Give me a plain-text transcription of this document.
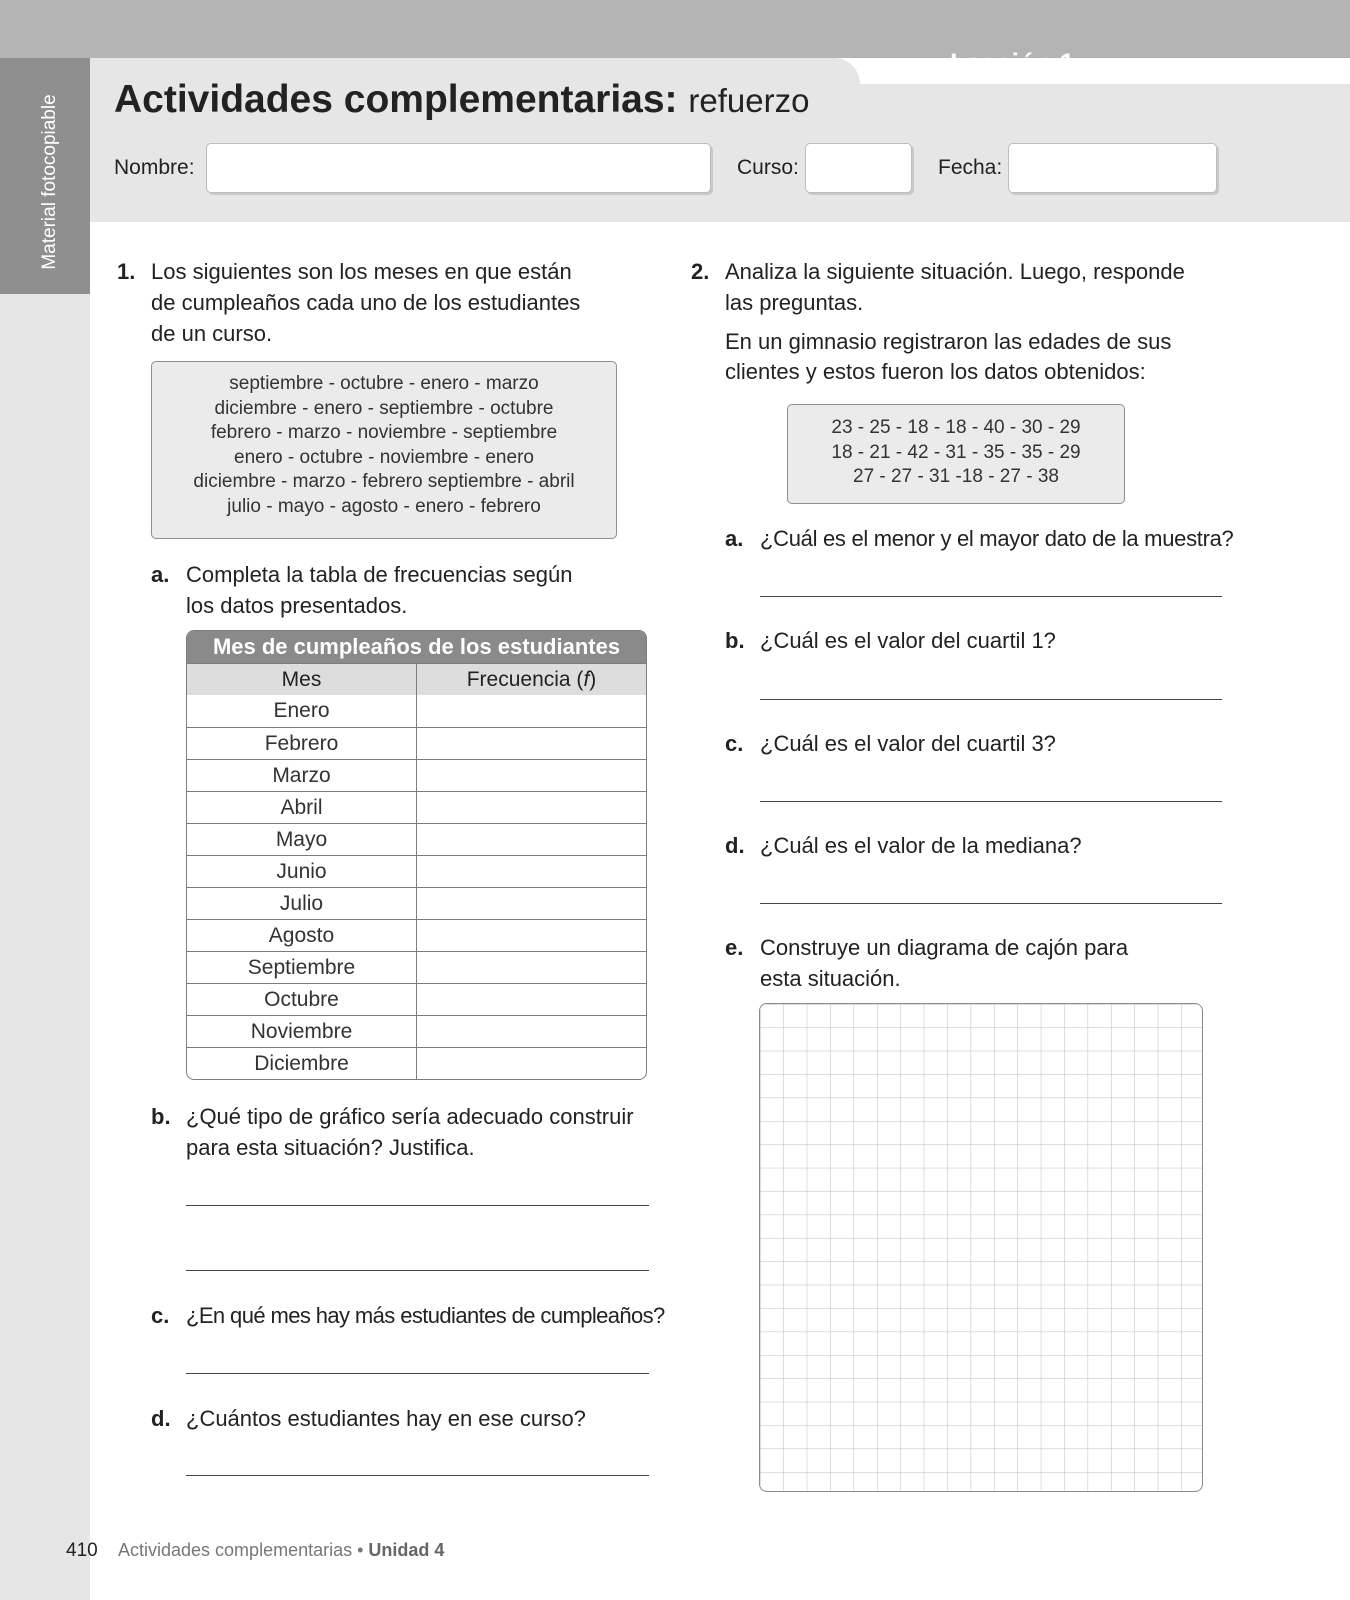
Material fotocopiable
Lección 1
Actividades complementarias: refuerzo
Nombre:	Curso:	Fecha:
1. Los siguientes son los meses en que están
de cumpleaños cada uno de los estudiantes
de un curso.
septiembre - octubre - enero - marzo
diciembre - enero - septiembre - octubre
febrero - marzo - noviembre - septiembre
enero - octubre - noviembre - enero
diciembre - marzo - febrero septiembre - abril
julio - mayo - agosto - enero - febrero
a. Completa la tabla de frecuencias según
los datos presentados.
Mes de cumpleaños de los estudiantes
Mes	Frecuencia (f)
Enero
Febrero
Marzo
Abril
Mayo
Junio
Julio
Agosto
Septiembre
Octubre
Noviembre
Diciembre
b. ¿Qué tipo de gráfico sería adecuado construir
para esta situación? Justifica.
c. ¿En qué mes hay más estudiantes de cumpleaños?
d. ¿Cuántos estudiantes hay en ese curso?
2. Analiza la siguiente situación. Luego, responde
las preguntas.
En un gimnasio registraron las edades de sus
clientes y estos fueron los datos obtenidos:
23 - 25 - 18 - 18 - 40 - 30 - 29
18 - 21 - 42 - 31 - 35 - 35 - 29
27 - 27 - 31 -18 - 27 - 38
a. ¿Cuál es el menor y el mayor dato de la muestra?
b. ¿Cuál es el valor del cuartil 1?
c. ¿Cuál es el valor del cuartil 3?
d. ¿Cuál es el valor de la mediana?
e. Construye un diagrama de cajón para
esta situación.
410 Actividades complementarias • Unidad 4
